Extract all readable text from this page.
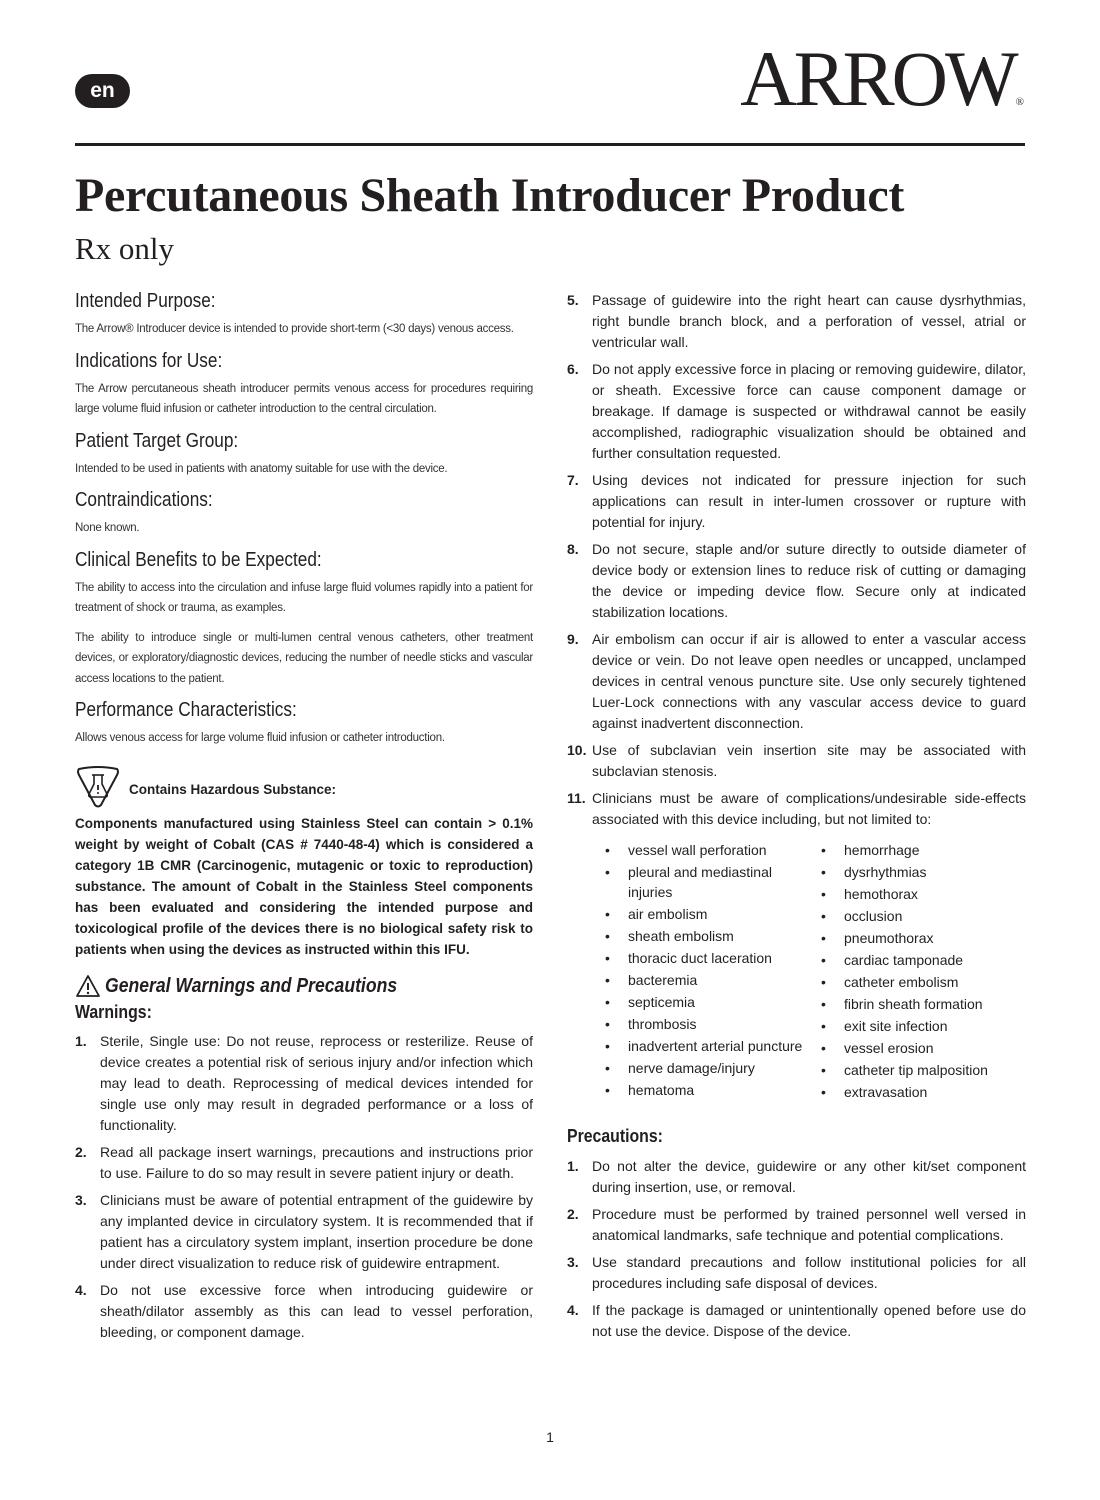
en	ARROW®
Percutaneous Sheath Introducer Product
Rx only
Intended Purpose:

The Arrow® Introducer device is intended to provide short-term (<30 days) venous access.

Indications for Use:

The Arrow percutaneous sheath introducer permits venous access for procedures requiring large volume fluid infusion or catheter introduction to the central circulation.

Patient Target Group:

Intended to be used in patients with anatomy suitable for use with the device.

Contraindications:

None known.

Clinical Benefits to be Expected:

The ability to access into the circulation and infuse large fluid volumes rapidly into a patient for treatment of shock or trauma, as examples.

The ability to introduce single or multi-lumen central venous catheters, other treatment devices, or exploratory/diagnostic devices, reducing the number of needle sticks and vascular access locations to the patient.

Performance Characteristics:

Allows venous access for large volume fluid infusion or catheter introduction.

Contains Hazardous Substance:

Components manufactured using Stainless Steel can contain > 0.1% weight by weight of Cobalt (CAS # 7440-48-4) which is considered a category 1B CMR (Carcinogenic, mutagenic or toxic to reproduction) substance. The amount of Cobalt in the Stainless Steel components has been evaluated and considering the intended purpose and toxicological profile of the devices there is no biological safety risk to patients when using the devices as instructed within this IFU.

General Warnings and Precautions
Warnings:
1. Sterile, Single use: Do not reuse, reprocess or resterilize. Reuse of device creates a potential risk of serious injury and/or infection which may lead to death. Reprocessing of medical devices intended for single use only may result in degraded performance or a loss of functionality.
2. Read all package insert warnings, precautions and instructions prior to use. Failure to do so may result in severe patient injury or death.
3. Clinicians must be aware of potential entrapment of the guidewire by any implanted device in circulatory system. It is recommended that if patient has a circulatory system implant, insertion procedure be done under direct visualization to reduce risk of guidewire entrapment.
4. Do not use excessive force when introducing guidewire or sheath/dilator assembly as this can lead to vessel perforation, bleeding, or component damage.
5. Passage of guidewire into the right heart can cause dysrhythmias, right bundle branch block, and a perforation of vessel, atrial or ventricular wall.
6. Do not apply excessive force in placing or removing guidewire, dilator, or sheath. Excessive force can cause component damage or breakage. If damage is suspected or withdrawal cannot be easily accomplished, radiographic visualization should be obtained and further consultation requested.
7. Using devices not indicated for pressure injection for such applications can result in inter-lumen crossover or rupture with potential for injury.
8. Do not secure, staple and/or suture directly to outside diameter of device body or extension lines to reduce risk of cutting or damaging the device or impeding device flow. Secure only at indicated stabilization locations.
9. Air embolism can occur if air is allowed to enter a vascular access device or vein. Do not leave open needles or uncapped, unclamped devices in central venous puncture site. Use only securely tightened Luer-Lock connections with any vascular access device to guard against inadvertent disconnection.
10. Use of subclavian vein insertion site may be associated with subclavian stenosis.
11. Clinicians must be aware of complications/undesirable side-effects associated with this device including, but not limited to:
• vessel wall perforation
• pleural and mediastinal injuries
• air embolism
• sheath embolism
• thoracic duct laceration
• bacteremia
• septicemia
• thrombosis
• inadvertent arterial puncture
• nerve damage/injury
• hematoma
• hemorrhage
• dysrhythmias
• hemothorax
• occlusion
• pneumothorax
• cardiac tamponade
• catheter embolism
• fibrin sheath formation
• exit site infection
• vessel erosion
• catheter tip malposition
• extravasation
Precautions:
1. Do not alter the device, guidewire or any other kit/set component during insertion, use, or removal.
2. Procedure must be performed by trained personnel well versed in anatomical landmarks, safe technique and potential complications.
3. Use standard precautions and follow institutional policies for all procedures including safe disposal of devices.
4. If the package is damaged or unintentionally opened before use do not use the device. Dispose of the device.
1
